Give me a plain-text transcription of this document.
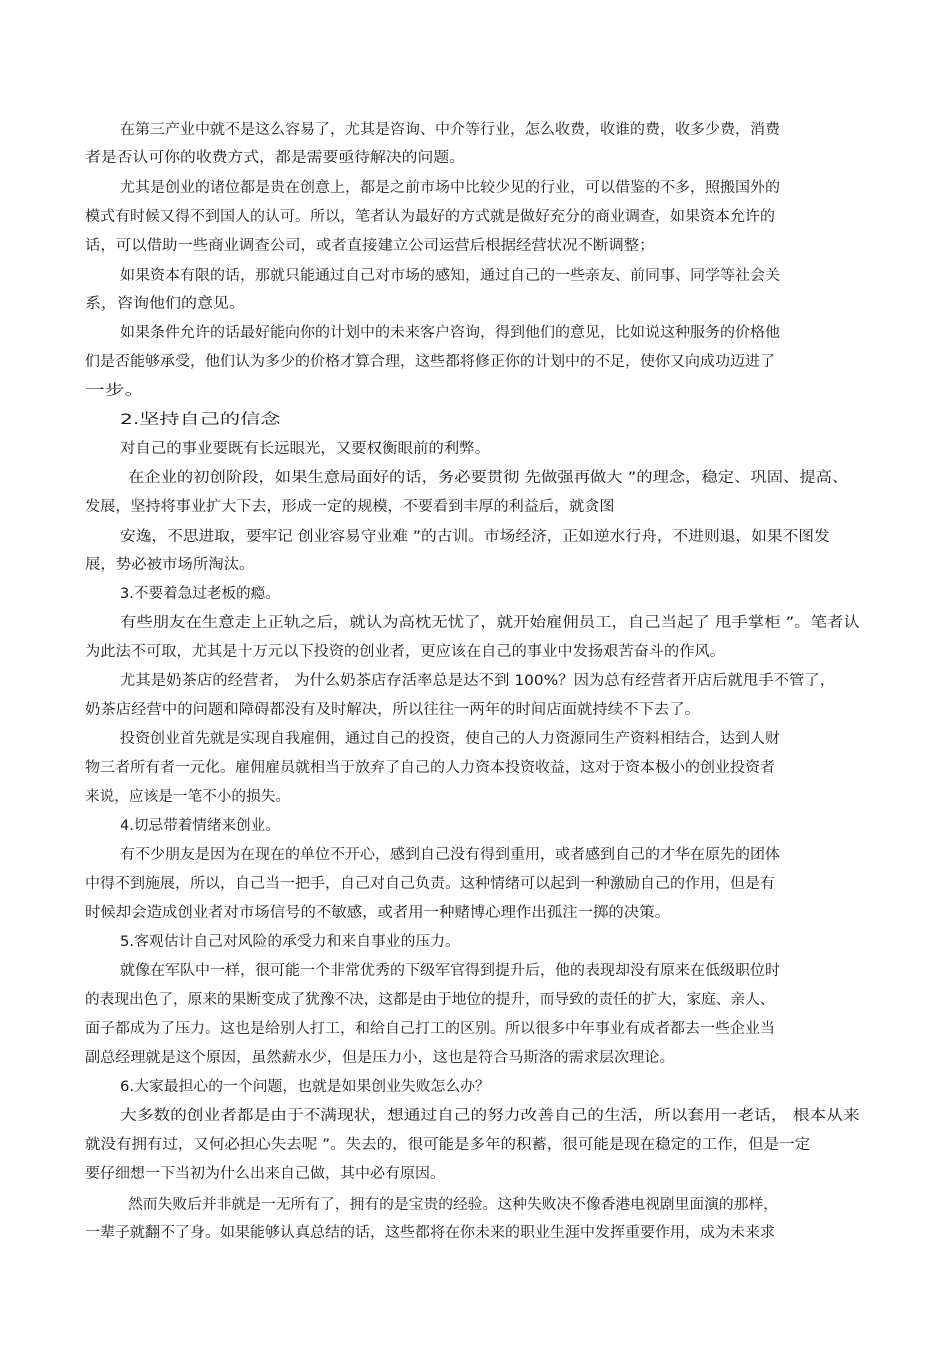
在第三产业中就不是这么容易了，尤其是咨询、中介等行业，怎么收费，收谁的费，收多少费，消费
者是否认可你的收费方式，都是需要亟待解决的问题。
尤其是创业的诸位都是贵在创意上，都是之前市场中比较少见的行业，可以借鉴的不多，照搬国外的
模式有时候又得不到国人的认可。所以，笔者认为最好的方式就是做好充分的商业调查，如果资本允许的
话，可以借助一些商业调查公司，或者直接建立公司运营后根据经营状况不断调整；
如果资本有限的话，那就只能通过自己对市场的感知，通过自己的一些亲友、前同事、同学等社会关
系，咨询他们的意见。
如果条件允许的话最好能向你的计划中的未来客户咨询，得到他们的意见，比如说这种服务的价格他
们是否能够承受，他们认为多少的价格才算合理，这些都将修正你的计划中的不足，使你又向成功迈进了
一步。
2.坚持自己的信念
对自己的事业要既有长远眼光，又要权衡眼前的利弊。
在企业的初创阶段，如果生意局面好的话，务必要贯彻 先做强再做大 ”的理念，稳定、巩固、提高、
发展，坚持将事业扩大下去，形成一定的规模，不要看到丰厚的利益后，就贪图
安逸，不思进取，要牢记 创业容易守业难 ”的古训。市场经济，正如逆水行舟，不进则退，如果不图发
展，势必被市场所淘汰。
3.不要着急过老板的瘾。
有些朋友在生意走上正轨之后，就认为高枕无忧了，就开始雇佣员工，自己当起了 甩手掌柜 ”。笔者认
为此法不可取，尤其是十万元以下投资的创业者，更应该在自己的事业中发扬艰苦奋斗的作风。
尤其是奶茶店的经营者， 为什么奶茶店存活率总是达不到 100%？因为总有经营者开店后就甩手不管了，
奶茶店经营中的问题和障碍都没有及时解决，所以往往一两年的时间店面就持续不下去了。
投资创业首先就是实现自我雇佣，通过自己的投资，使自己的人力资源同生产资料相结合，达到人财
物三者所有者一元化。雇佣雇员就相当于放弃了自己的人力资本投资收益，这对于资本极小的创业投资者
来说，应该是一笔不小的损失。
4.切忌带着情绪来创业。
有不少朋友是因为在现在的单位不开心，感到自己没有得到重用，或者感到自己的才华在原先的团体
中得不到施展，所以，自己当一把手，自己对自己负责。这种情绪可以起到一种激励自己的作用，但是有
时候却会造成创业者对市场信号的不敏感，或者用一种赌博心理作出孤注一掷的决策。
5.客观估计自己对风险的承受力和来自事业的压力。
就像在军队中一样，很可能一个非常优秀的下级军官得到提升后，他的表现却没有原来在低级职位时
的表现出色了，原来的果断变成了犹豫不决，这都是由于地位的提升，而导致的责任的扩大，家庭、亲人、
面子都成为了压力。这也是给别人打工，和给自己打工的区别。所以很多中年事业有成者都去一些企业当
副总经理就是这个原因，虽然薪水少，但是压力小，这也是符合马斯洛的需求层次理论。
6.大家最担心的一个问题，也就是如果创业失败怎么办？
大多数的创业者都是由于不满现状，想通过自己的努力改善自己的生活，所以套用一老话， 根本从来
就没有拥有过，又何必担心失去呢 ”。失去的，很可能是多年的积蓄，很可能是现在稳定的工作，但是一定
要仔细想一下当初为什么出来自己做，其中必有原因。
然而失败后并非就是一无所有了，拥有的是宝贵的经验。这种失败决不像香港电视剧里面演的那样，
一辈子就翻不了身。如果能够认真总结的话，这些都将在你未来的职业生涯中发挥重要作用，成为未来求
